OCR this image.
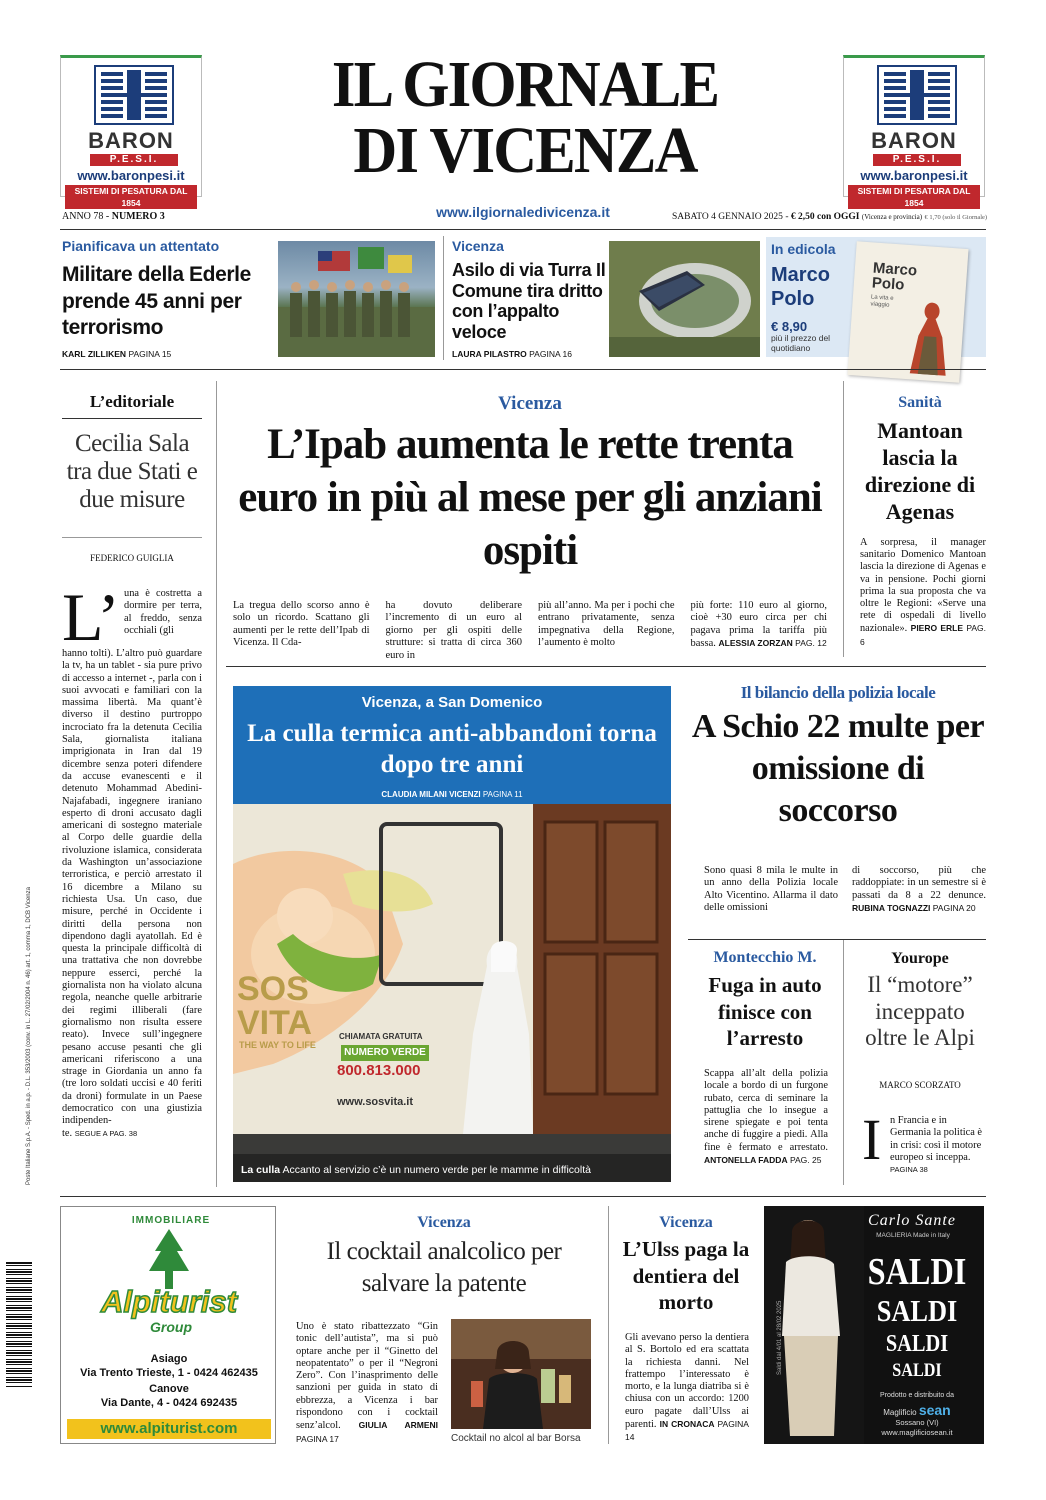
BARON
P.E.S.I.
www.baronpesi.it
SISTEMI DI PESATURA DAL 1854
IL GIORNALE
DI VICENZA	BARON
P.E.S.I.
www.baronpesi.it
SISTEMI DI PESATURA DAL 1854
ANNO 78 - NUMERO 3	www.ilgiornaledivicenza.it	SABATO 4 GENNAIO 2025 - € 2,50 con OGGI (Vicenza e provincia) € 1,70 (solo il Giornale)
Pianificava un attentato
Militare della Ederle prende 45 anni per terrorismo
KARL ZILLIKEN PAGINA 15
Vicenza
Asilo di via Turra Il Comune tira dritto con l’appalto veloce
LAURA PILASTRO PAGINA 16
In edicola
Marco Polo
€ 8,90
più il prezzo del quotidiano
Marco Polo
La vita e viaggio
L’editoriale
Cecilia Sala tra due Stati e due misure
FEDERICO GUIGLIA
L’ una è costretta a dormire per terra, al freddo, senza occhiali (gli
hanno tolti). L’altro può guardare la tv, ha un tablet - sia pure privo di accesso a internet -, parla con i suoi avvocati e familiari con la massima libertà. Ma quant’è diverso il destino purtroppo incrociato fra la detenuta Cecilia Sala, giornalista italiana imprigionata in Iran dal 19 dicembre senza poteri difendere da accuse evanescenti e il detenuto Mohammad Abedini-Najafabadi, ingegnere iraniano esperto di droni accusato dagli americani di sostegno materiale al Corpo delle guardie della rivoluzione islamica, considerata da Washington un’associazione terroristica, e perciò arrestato il 16 dicembre a Milano su richiesta Usa. Un caso, due misure, perché in Occidente i diritti della persona non dipendono dagli ayatollah. Ed è questa la principale difficoltà di una trattativa che non dovrebbe neppure esserci, perché la giornalista non ha violato alcuna regola, neanche quelle arbitrarie dei regimi illiberali (fare giornalismo non risulta essere reato). Invece sull’ingegnere pesano accuse pesanti che gli americani riferiscono a una strage in Giordania un anno fa (tre loro soldati uccisi e 40 feriti da droni) formulate in un Paese democratico con una giustizia indipenden-
te. SEGUE A PAG. 38
Vicenza
L’Ipab aumenta le rette trenta euro in più al mese per gli anziani ospiti
La tregua dello scorso anno è solo un ricordo. Scattano gli aumenti per le rette dell’Ipab di Vicenza. Il Cda-
ha dovuto deliberare l’incremento di un euro al giorno per gli ospiti delle strutture: si tratta di circa 360 euro in
più all’anno. Ma per i pochi che entrano privatamente, senza impegnativa della Regione, l’aumento è molto
più forte: 110 euro al giorno, cioè +30 euro circa per chi pagava prima la tariffa più bassa. ALESSIA ZORZAN PAG. 12
Sanità
Mantoan lascia la direzione di Agenas
A sorpresa, il manager sanitario Domenico Mantoan lascia la direzione di Agenas e va in pensione. Pochi giorni prima la sua proposta che va oltre le Regioni: «Serve una rete di ospedali di livello nazionale». PIERO ERLE PAG. 6
Vicenza, a San Domenico
La culla termica anti-abbandoni torna dopo tre anni
CLAUDIA MILANI VICENZI PAGINA 11
SOS VITA
THE WAY TO LIFE
CHIAMATA GRATUITA
NUMERO VERDE
800.813.000
www.sosvita.it
La culla Accanto al servizio c’è un numero verde per le mamme in difficoltà
Il bilancio della polizia locale
A Schio 22 multe per omissione di soccorso
Sono quasi 8 mila le multe in un anno della Polizia locale Alto Vicentino. Allarma il dato delle omissioni
di soccorso, più che raddoppiate: in un semestre si è passati da 8 a 22 denunce. RUBINA TOGNAZZI PAGINA 20
Montecchio M.
Fuga in auto finisce con l’arresto
Scappa all’alt della polizia locale a bordo di un furgone rubato, cerca di seminare la pattuglia che lo insegue a sirene spiegate e poi tenta anche di fuggire a piedi. Alla fine è fermato e arrestato. ANTONELLA FADDA PAG. 25
Yourope
Il “motore” inceppato oltre le Alpi
MARCO SCORZATO
I n Francia e in Germania la politica è in crisi: così il motore europeo si inceppa. PAGINA 38
Poste Italiane S.p.A. - Sped. in a.p. - D.L. 353/2003 (conv. in L. 27/02/2004 n. 46) art. 1, comma 1, DCB Vicenza
IMMOBILIARE
Alpiturist
Group
Asiago
Via Trento Trieste, 1 - 0424 462435
Canove
Via Dante, 4 - 0424 692435
www.alpiturist.com
Vicenza
Il cocktail analcolico per salvare la patente
Uno è stato ribattezzato “Gin tonic dell’autista”, ma si può optare anche per il “Ginetto del neopatentato” o per il “Negroni Zero”. Con l’inasprimento delle sanzioni per guida in stato di ebbrezza, a Vicenza i bar rispondono con i cocktail senz’alcol. GIULIA ARMENI PAGINA 17	Cocktail no alcol al bar Borsa
Vicenza
L’Ulss paga la dentiera del morto
Gli avevano perso la dentiera al S. Bortolo ed era scattata la richiesta danni. Nel frattempo l’interessato è morto, e la lunga diatriba si è chiusa con un accordo: 1200 euro pagate dall’Ulss ai parenti. IN CRONACA PAGINA 14
Saldi dal 4/01 al 28/02 2025
Carlo Sante
MAGLIERIA Made in Italy
SALDI
SALDI
SALDI
SALDI
Prodotto e distribuito da
Maglificio sean
Sossano (VI)
www.maglificiosean.it
